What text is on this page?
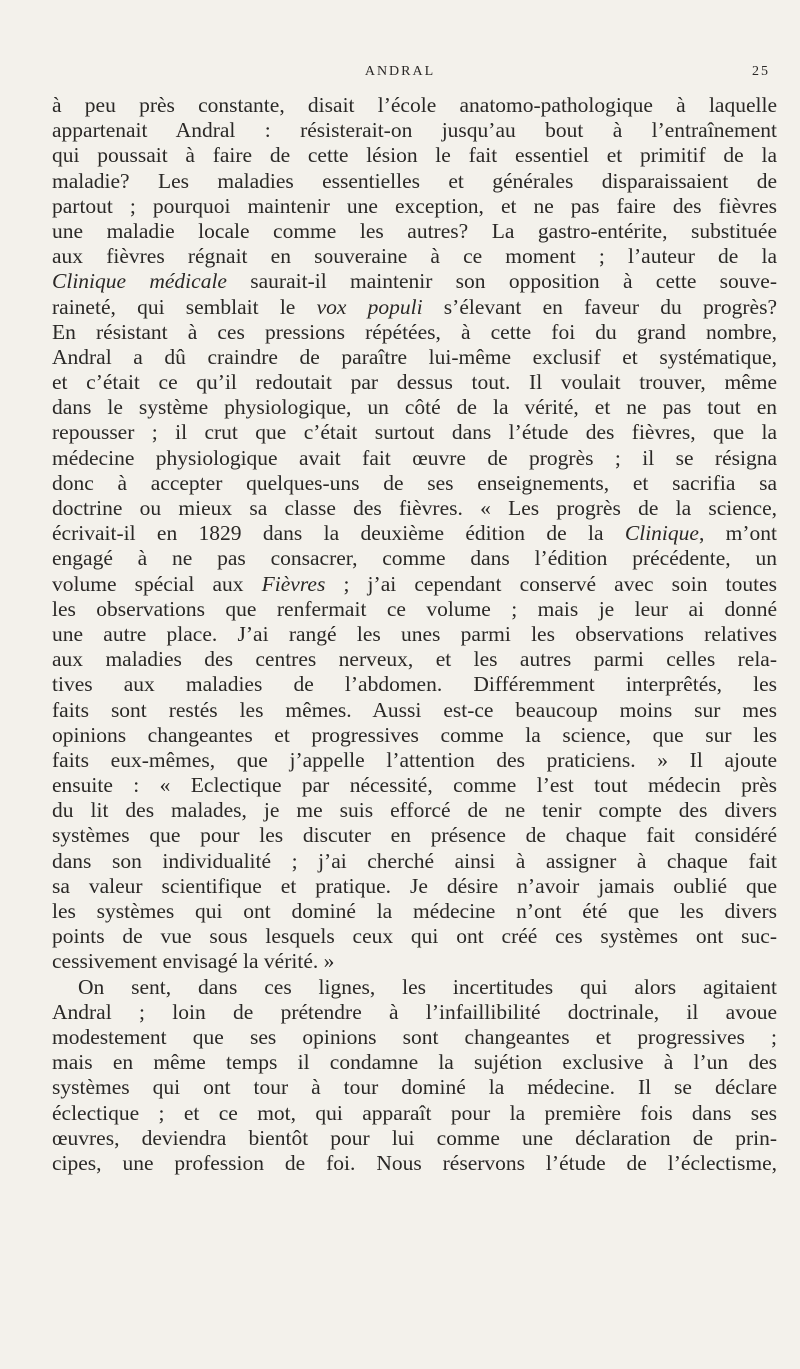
ANDRAL	25
à peu près constante, disait l’école anatomo-pathologique à laquelle
appartenait Andral : résisterait-on jusqu’au bout à l’entraînement
qui poussait à faire de cette lésion le fait essentiel et primitif de la
maladie? Les maladies essentielles et générales disparaissaient de
partout ; pourquoi maintenir une exception, et ne pas faire des fièvres
une maladie locale comme les autres? La gastro-entérite, substituée
aux fièvres régnait en souveraine à ce moment ; l’auteur de la
Clinique médicale saurait-il maintenir son opposition à cette souve-
raineté, qui semblait le vox populi s’élevant en faveur du progrès?
En résistant à ces pressions répétées, à cette foi du grand nombre,
Andral a dû craindre de paraître lui-même exclusif et systématique,
et c’était ce qu’il redoutait par dessus tout. Il voulait trouver, même
dans le système physiologique, un côté de la vérité, et ne pas tout en
repousser ; il crut que c’était surtout dans l’étude des fièvres, que la
médecine physiologique avait fait œuvre de progrès ; il se résigna
donc à accepter quelques-uns de ses enseignements, et sacrifia sa
doctrine ou mieux sa classe des fièvres. « Les progrès de la science,
écrivait-il en 1829 dans la deuxième édition de la Clinique, m’ont
engagé à ne pas consacrer, comme dans l’édition précédente, un
volume spécial aux Fièvres ; j’ai cependant conservé avec soin toutes
les observations que renfermait ce volume ; mais je leur ai donné
une autre place. J’ai rangé les unes parmi les observations relatives
aux maladies des centres nerveux, et les autres parmi celles rela-
tives aux maladies de l’abdomen. Différemment interprêtés, les
faits sont restés les mêmes. Aussi est-ce beaucoup moins sur mes
opinions changeantes et progressives comme la science, que sur les
faits eux-mêmes, que j’appelle l’attention des praticiens. » Il ajoute
ensuite : « Eclectique par nécessité, comme l’est tout médecin près
du lit des malades, je me suis efforcé de ne tenir compte des divers
systèmes que pour les discuter en présence de chaque fait considéré
dans son individualité ; j’ai cherché ainsi à assigner à chaque fait
sa valeur scientifique et pratique. Je désire n’avoir jamais oublié que
les systèmes qui ont dominé la médecine n’ont été que les divers
points de vue sous lesquels ceux qui ont créé ces systèmes ont suc-
cessivement envisagé la vérité. »
On sent, dans ces lignes, les incertitudes qui alors agitaient
Andral ; loin de prétendre à l’infaillibilité doctrinale, il avoue
modestement que ses opinions sont changeantes et progressives ;
mais en même temps il condamne la sujétion exclusive à l’un des
systèmes qui ont tour à tour dominé la médecine. Il se déclare
éclectique ; et ce mot, qui apparaît pour la première fois dans ses
œuvres, deviendra bientôt pour lui comme une déclaration de prin-
cipes, une profession de foi. Nous réservons l’étude de l’éclectisme,
